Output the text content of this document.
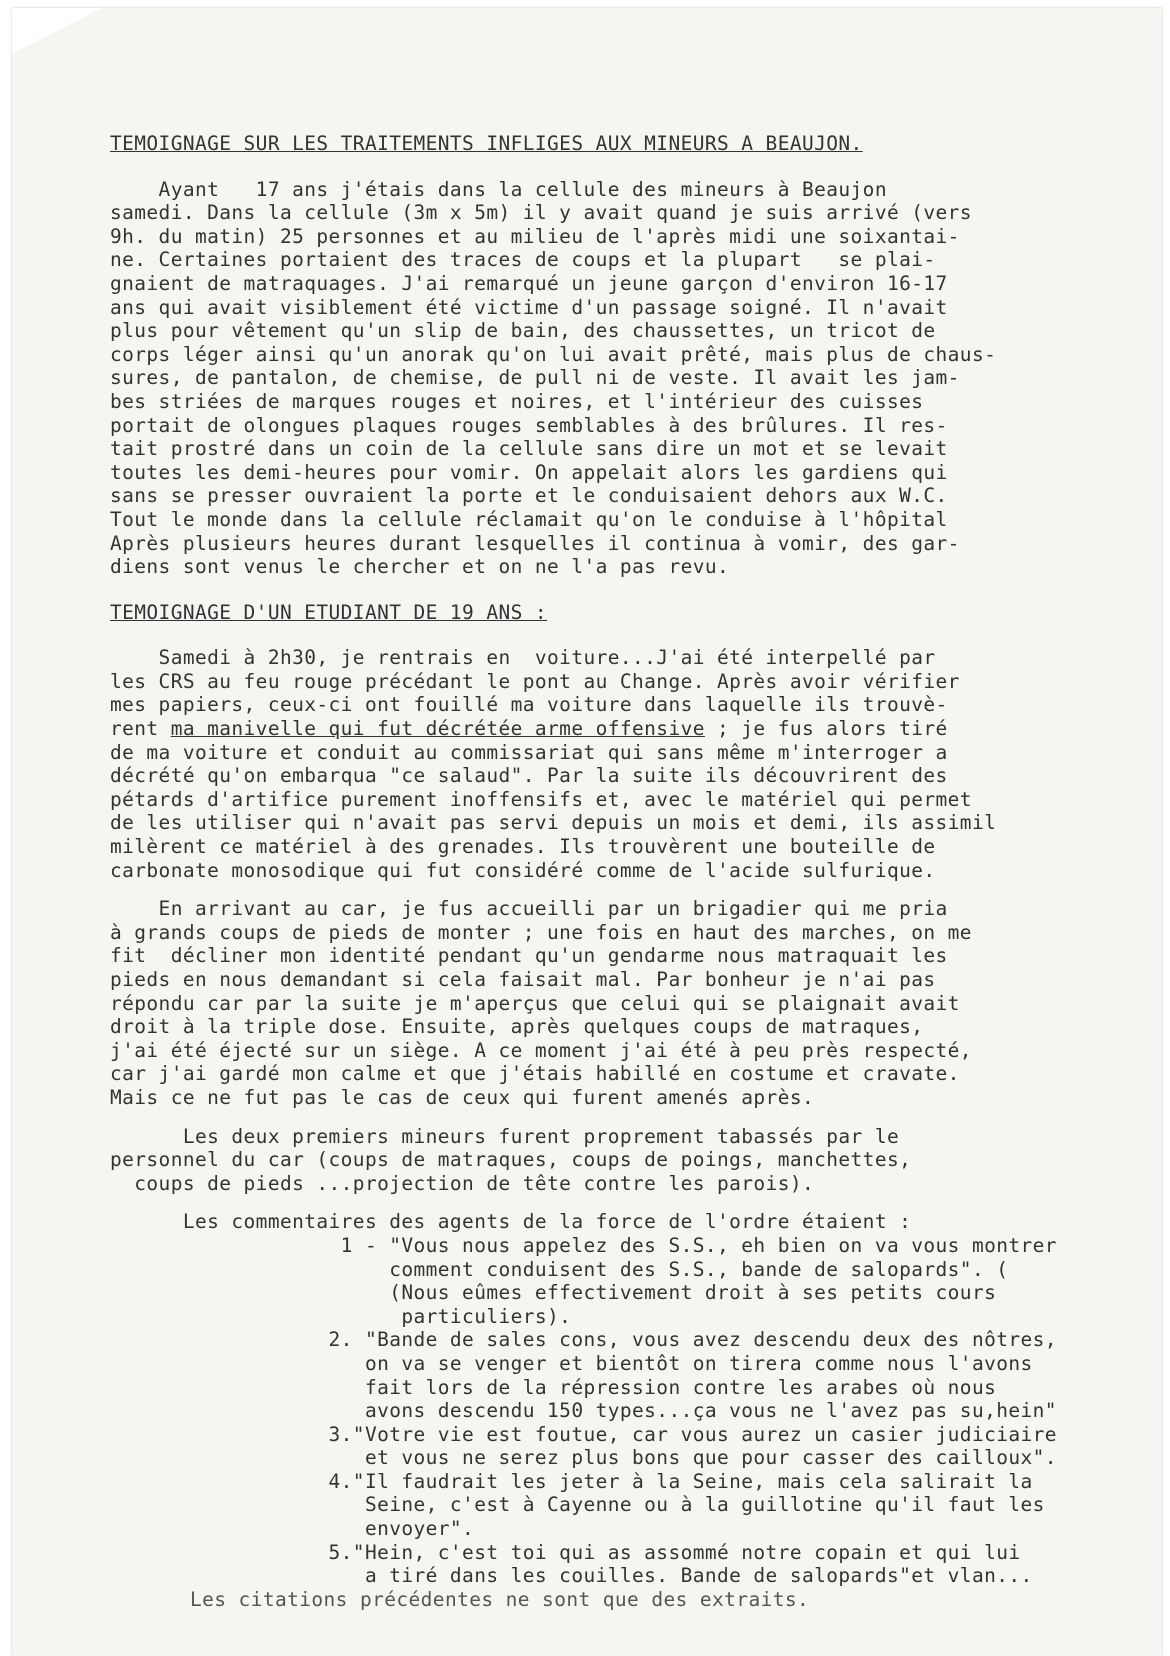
TEMOIGNAGE SUR LES TRAITEMENTS INFLIGES AUX MINEURS A BEAUJON.

Ayant   17 ans j'étais dans la cellule des mineurs à Beaujon

samedi. Dans la cellule (3m x 5m) il y avait quand je suis arrivé (vers

9h. du matin) 25 personnes et au milieu de l'après midi une soixantai-

ne. Certaines portaient des traces de coups et la plupart   se plai-

gnaient de matraquages. J'ai remarqué un jeune garçon d'environ 16-17

ans qui avait visiblement été victime d'un passage soigné. Il n'avait

plus pour vêtement qu'un slip de bain, des chaussettes, un tricot de

corps léger ainsi qu'un anorak qu'on lui avait prêté, mais plus de chaus-

sures, de pantalon, de chemise, de pull ni de veste. Il avait les jam-

bes striées de marques rouges et noires, et l'intérieur des cuisses

portait de olongues plaques rouges semblables à des brûlures. Il res-

tait prostré dans un coin de la cellule sans dire un mot et se levait

toutes les demi-heures pour vomir. On appelait alors les gardiens qui

sans se presser ouvraient la porte et le conduisaient dehors aux W.C.

Tout le monde dans la cellule réclamait qu'on le conduise à l'hôpital

Après plusieurs heures durant lesquelles il continua à vomir, des gar-

diens sont venus le chercher et on ne l'a pas revu.

TEMOIGNAGE D'UN ETUDIANT DE 19 ANS :

Samedi à 2h30, je rentrais en  voiture...J'ai été interpellé par

les CRS au feu rouge précédant le pont au Change. Après avoir vérifier

mes papiers, ceux-ci ont fouillé ma voiture dans laquelle ils trouvè-

rent ma manivelle qui fut décrétée arme offensive ; je fus alors tiré

de ma voiture et conduit au commissariat qui sans même m'interroger a

décrété qu'on embarqua "ce salaud". Par la suite ils découvrirent des

pétards d'artifice purement inoffensifs et, avec le matériel qui permet

de les utiliser qui n'avait pas servi depuis un mois et demi, ils assimil

milèrent ce matériel à des grenades. Ils trouvèrent une bouteille de

carbonate monosodique qui fut considéré comme de l'acide sulfurique.

En arrivant au car, je fus accueilli par un brigadier qui me pria

à grands coups de pieds de monter ; une fois en haut des marches, on me

fit  décliner mon identité pendant qu'un gendarme nous matraquait les

pieds en nous demandant si cela faisait mal. Par bonheur je n'ai pas

répondu car par la suite je m'aperçus que celui qui se plaignait avait

droit à la triple dose. Ensuite, après quelques coups de matraques,

j'ai été éjecté sur un siège. A ce moment j'ai été à peu près respecté,

car j'ai gardé mon calme et que j'étais habillé en costume et cravate.

Mais ce ne fut pas le cas de ceux qui furent amenés après.

Les deux premiers mineurs furent proprement tabassés par le

personnel du car (coups de matraques, coups de poings, manchettes,

coups de pieds ...projection de tête contre les parois).

Les commentaires des agents de la force de l'ordre étaient :

1 - "Vous nous appelez des S.S., eh bien on va vous montrer

comment conduisent des S.S., bande de salopards". (

(Nous eûmes effectivement droit à ses petits cours

particuliers).

2. "Bande de sales cons, vous avez descendu deux des nôtres,

on va se venger et bientôt on tirera comme nous l'avons

fait lors de la répression contre les arabes où nous

avons descendu 150 types...ça vous ne l'avez pas su,hein"

3."Votre vie est foutue, car vous aurez un casier judiciaire

et vous ne serez plus bons que pour casser des cailloux".

4."Il faudrait les jeter à la Seine, mais cela salirait la

Seine, c'est à Cayenne ou à la guillotine qu'il faut les

envoyer".

5."Hein, c'est toi qui as assommé notre copain et qui lui

a tiré dans les couilles. Bande de salopards"et vlan...

Les citations précédentes ne sont que des extraits.
